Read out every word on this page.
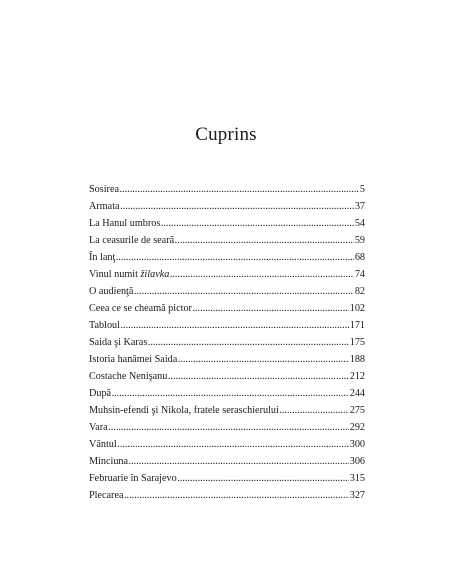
Cuprins
Sosirea .....	5
Armata .....	37
La Hanul umbros .....	54
La ceasurile de seară .....	59
În lanţ .....	68
Vinul numit žilavka .....	74
O audienţă .....	82
Ceea ce se cheamă pictor .....	102
Tabloul .....	171
Saida şi Karas .....	175
Istoria hanâmei Saida .....	188
Costache Nenişanu .....	212
După .....	244
Muhsin-efendi şi Nikola, fratele seraschierului .....	275
Vara .....	292
Vântul .....	300
Minciuna .....	306
Februarie în Sarajevo .....	315
Plecarea .....	327
